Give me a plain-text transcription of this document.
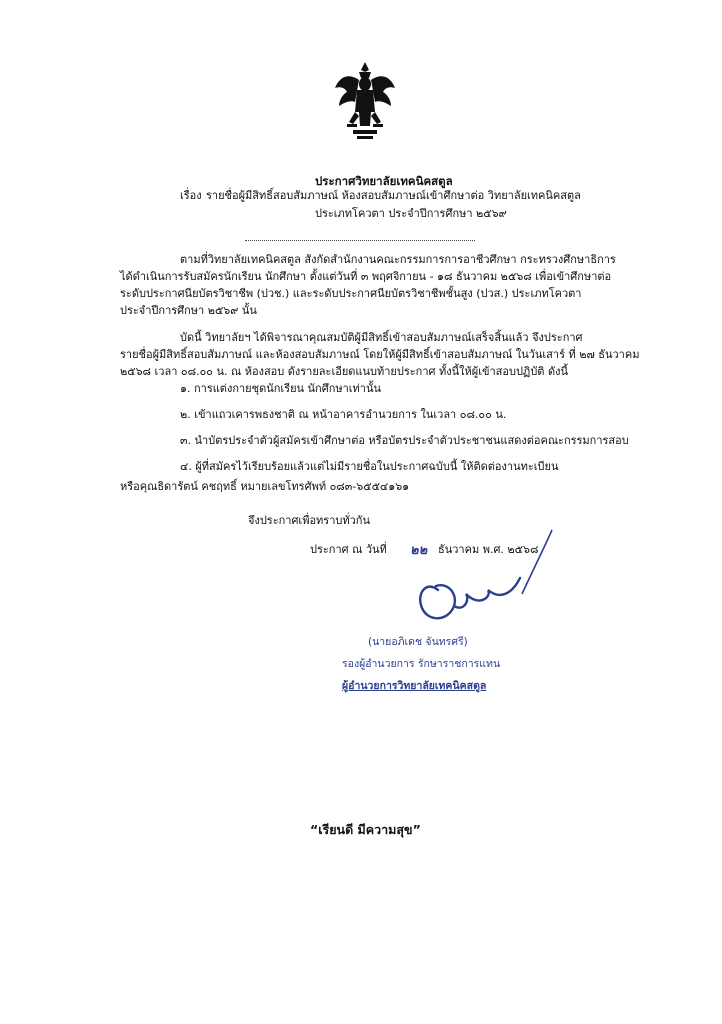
ประกาศวิทยาลัยเทคนิคสตูล
เรื่อง รายชื่อผู้มีสิทธิ์สอบสัมภาษณ์ ห้องสอบสัมภาษณ์เข้าศึกษาต่อ วิทยาลัยเทคนิคสตูล
ประเภทโควตา ประจำปีการศึกษา ๒๕๖๙
ตามที่วิทยาลัยเทคนิคสตูล สังกัดสำนักงานคณะกรรมการการอาชีวศึกษา กระทรวงศึกษาธิการ
ได้ดำเนินการรับสมัครนักเรียน นักศึกษา ตั้งแต่วันที่ ๓ พฤศจิกายน - ๑๘ ธันวาคม ๒๕๖๘ เพื่อเข้าศึกษาต่อ
ระดับประกาศนียบัตรวิชาชีพ (ปวช.) และระดับประกาศนียบัตรวิชาชีพชั้นสูง (ปวส.) ประเภทโควตา
ประจำปีการศึกษา ๒๕๖๙ นั้น
บัดนี้ วิทยาลัยฯ ได้พิจารณาคุณสมบัติผู้มีสิทธิ์เข้าสอบสัมภาษณ์เสร็จสิ้นแล้ว จึงประกาศ
รายชื่อผู้มีสิทธิ์สอบสัมภาษณ์ และห้องสอบสัมภาษณ์ โดยให้ผู้มีสิทธิ์เข้าสอบสัมภาษณ์ ในวันเสาร์ ที่ ๒๗ ธันวาคม
๒๕๖๘ เวลา ๐๘.๐๐ น. ณ ห้องสอบ ดังรายละเอียดแนบท้ายประกาศ ทั้งนี้ให้ผู้เข้าสอบปฏิบัติ ดังนี้
๑. การแต่งกายชุดนักเรียน นักศึกษาเท่านั้น
๒. เข้าแถวเคารพธงชาติ ณ หน้าอาคารอำนวยการ ในเวลา ๐๘.๐๐ น.
๓. นำบัตรประจำตัวผู้สมัครเข้าศึกษาต่อ หรือบัตรประจำตัวประชาชนแสดงต่อคณะกรรมการสอบ
๔. ผู้ที่สมัครไว้เรียบร้อยแล้วแต่ไม่มีรายชื่อในประกาศฉบับนี้ ให้ติดต่องานทะเบียน
หรือคุณธิดารัตน์ คชฤทธิ์ หมายเลขโทรศัพท์ ๐๘๓-๖๕๕๔๑๖๑
จึงประกาศเพื่อทราบทั่วกัน
ประกาศ ณ วันที่ ๒๒ ธันวาคม พ.ศ. ๒๕๖๘
(นายอภิเดช จันทรศรี)
รองผู้อำนวยการ รักษาราชการแทน
ผู้อำนวยการวิทยาลัยเทคนิคสตูล
“เรียนดี มีความสุข”
